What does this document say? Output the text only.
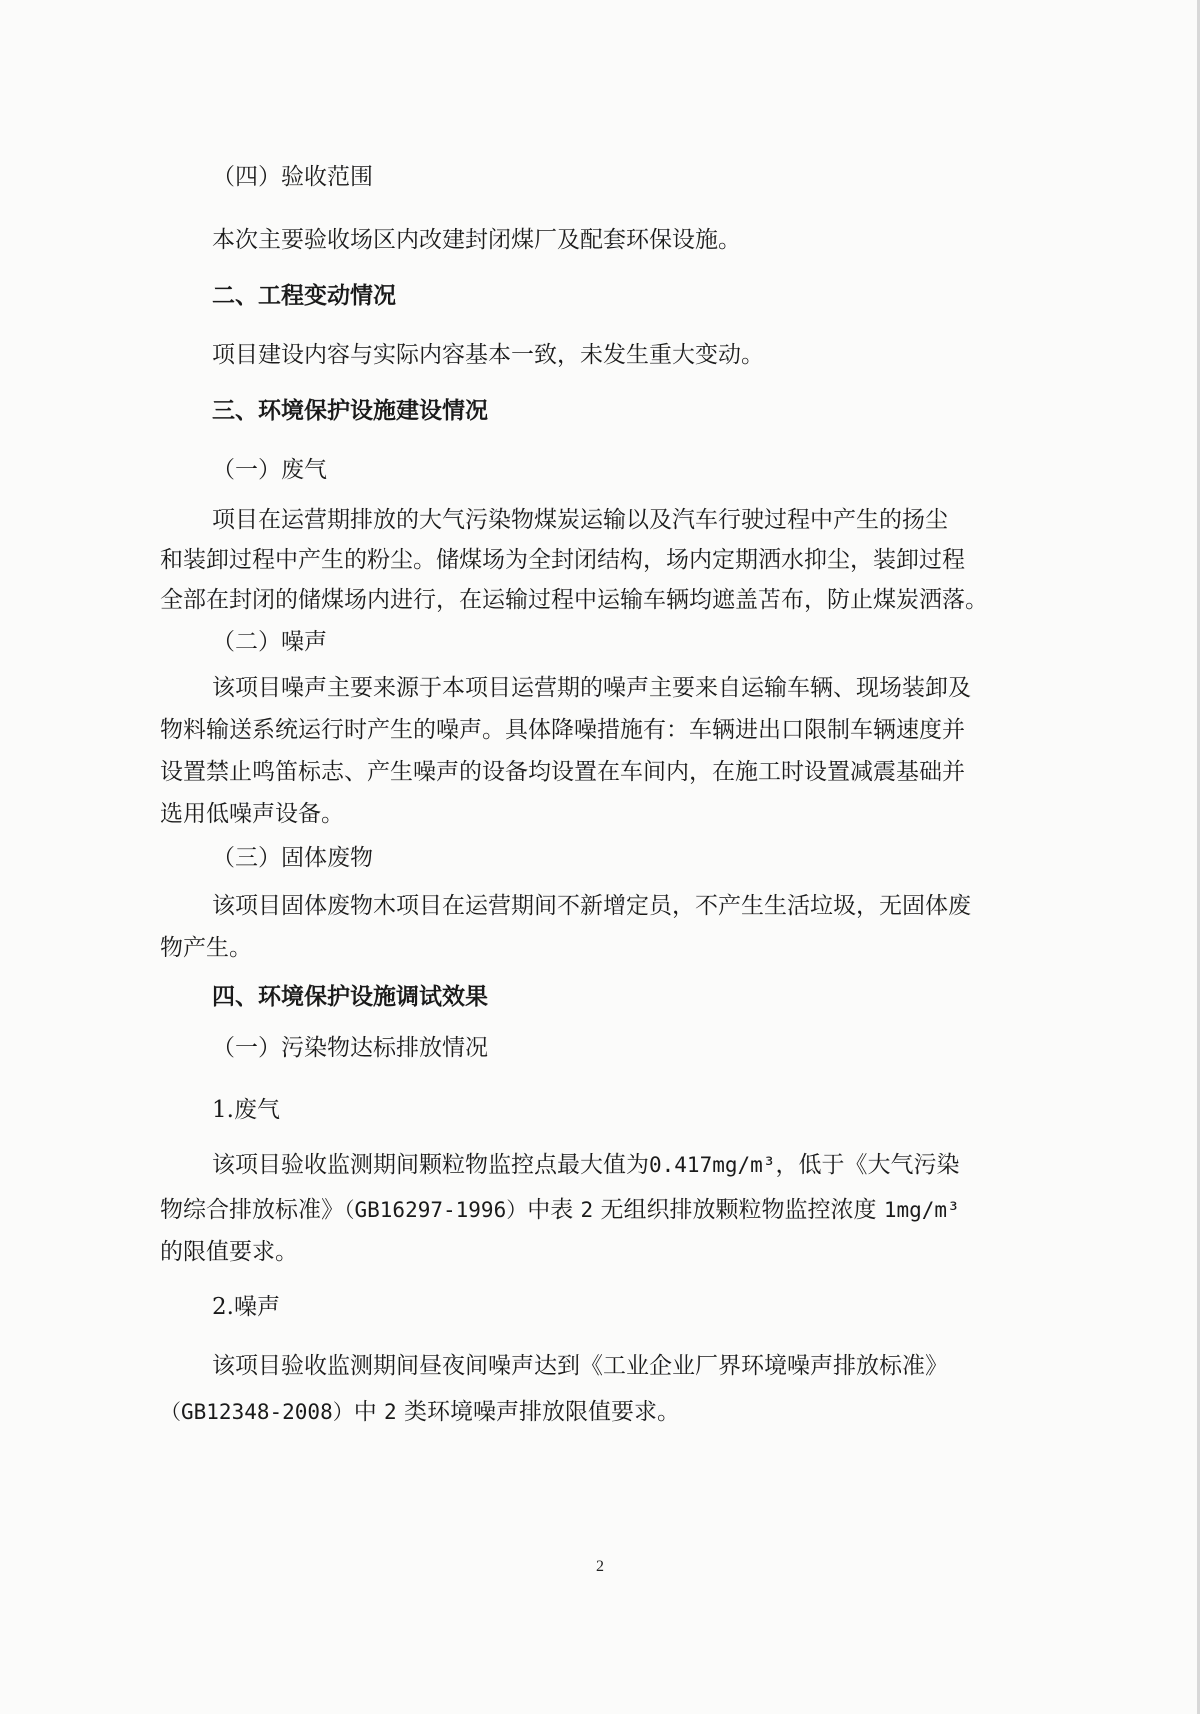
（四）验收范围
本次主要验收场区内改建封闭煤厂及配套环保设施。
二、工程变动情况
项目建设内容与实际内容基本一致，未发生重大变动。
三、环境保护设施建设情况
（一）废气
项目在运营期排放的大气污染物煤炭运输以及汽车行驶过程中产生的扬尘
和装卸过程中产生的粉尘。储煤场为全封闭结构，场内定期洒水抑尘，装卸过程
全部在封闭的储煤场内进行，在运输过程中运输车辆均遮盖苫布，防止煤炭洒落。
（二）噪声
该项目噪声主要来源于本项目运营期的噪声主要来自运输车辆、现场装卸及
物料输送系统运行时产生的噪声。具体降噪措施有：车辆进出口限制车辆速度并
设置禁止鸣笛标志、产生噪声的设备均设置在车间内，在施工时设置减震基础并
选用低噪声设备。
（三）固体废物
该项目固体废物木项目在运营期间不新增定员，不产生生活垃圾，无固体废
物产生。
四、环境保护设施调试效果
（一）污染物达标排放情况
1.废气
该项目验收监测期间颗粒物监控点最大值为0.417mg/m³，低于《大气污染
物综合排放标准》（GB16297-1996）中表 2 无组织排放颗粒物监控浓度 1mg/m³
的限值要求。
2.噪声
该项目验收监测期间昼夜间噪声达到《工业企业厂界环境噪声排放标准》
（GB12348-2008）中 2 类环境噪声排放限值要求。
2
